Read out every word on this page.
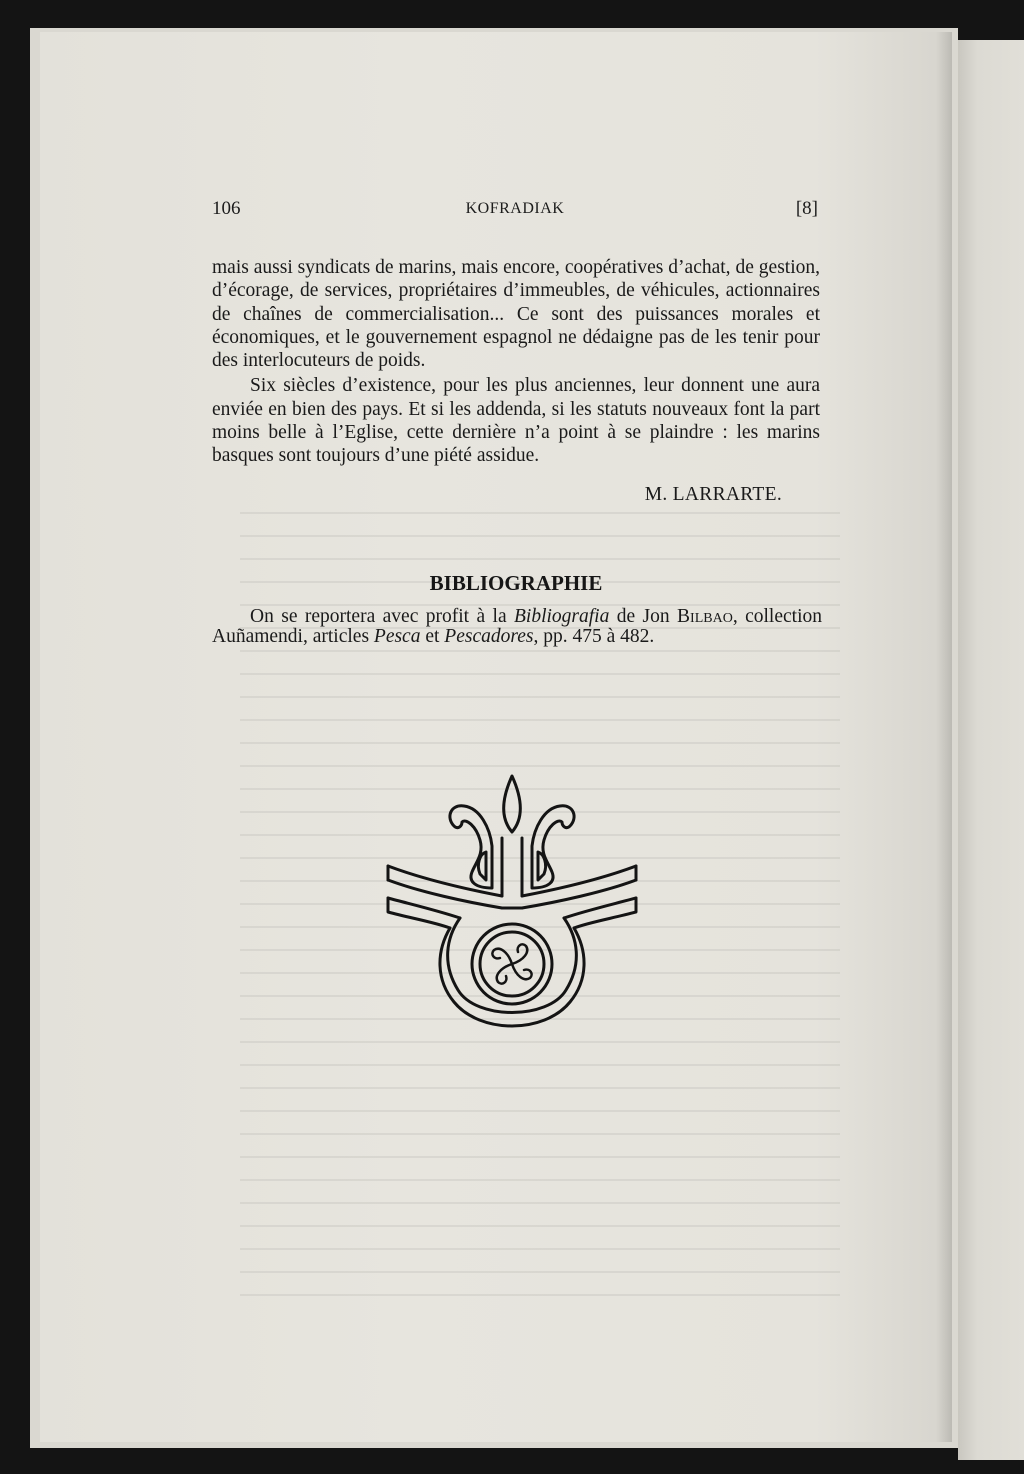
106	KOFRADIAK	[8]

mais aussi syndicats de marins, mais encore, coopératives d’achat, de gestion, d’écorage, de services, propriétaires d’immeubles, de véhicules, actionnaires de chaînes de commercialisation... Ce sont des puissances morales et économiques, et le gouvernement espagnol ne dédaigne pas de les tenir pour des interlocuteurs de poids.

Six siècles d’existence, pour les plus anciennes, leur donnent une aura enviée en bien des pays. Et si les addenda, si les statuts nouveaux font la part moins belle à l’Eglise, cette dernière n’a point à se plaindre : les marins basques sont toujours d’une piété assidue.

M. LARRARTE.
BIBLIOGRAPHIE

On se reportera avec profit à la Bibliografia de Jon Bilbao, collection Auñamendi, articles Pesca et Pescadores, pp. 475 à 482.
